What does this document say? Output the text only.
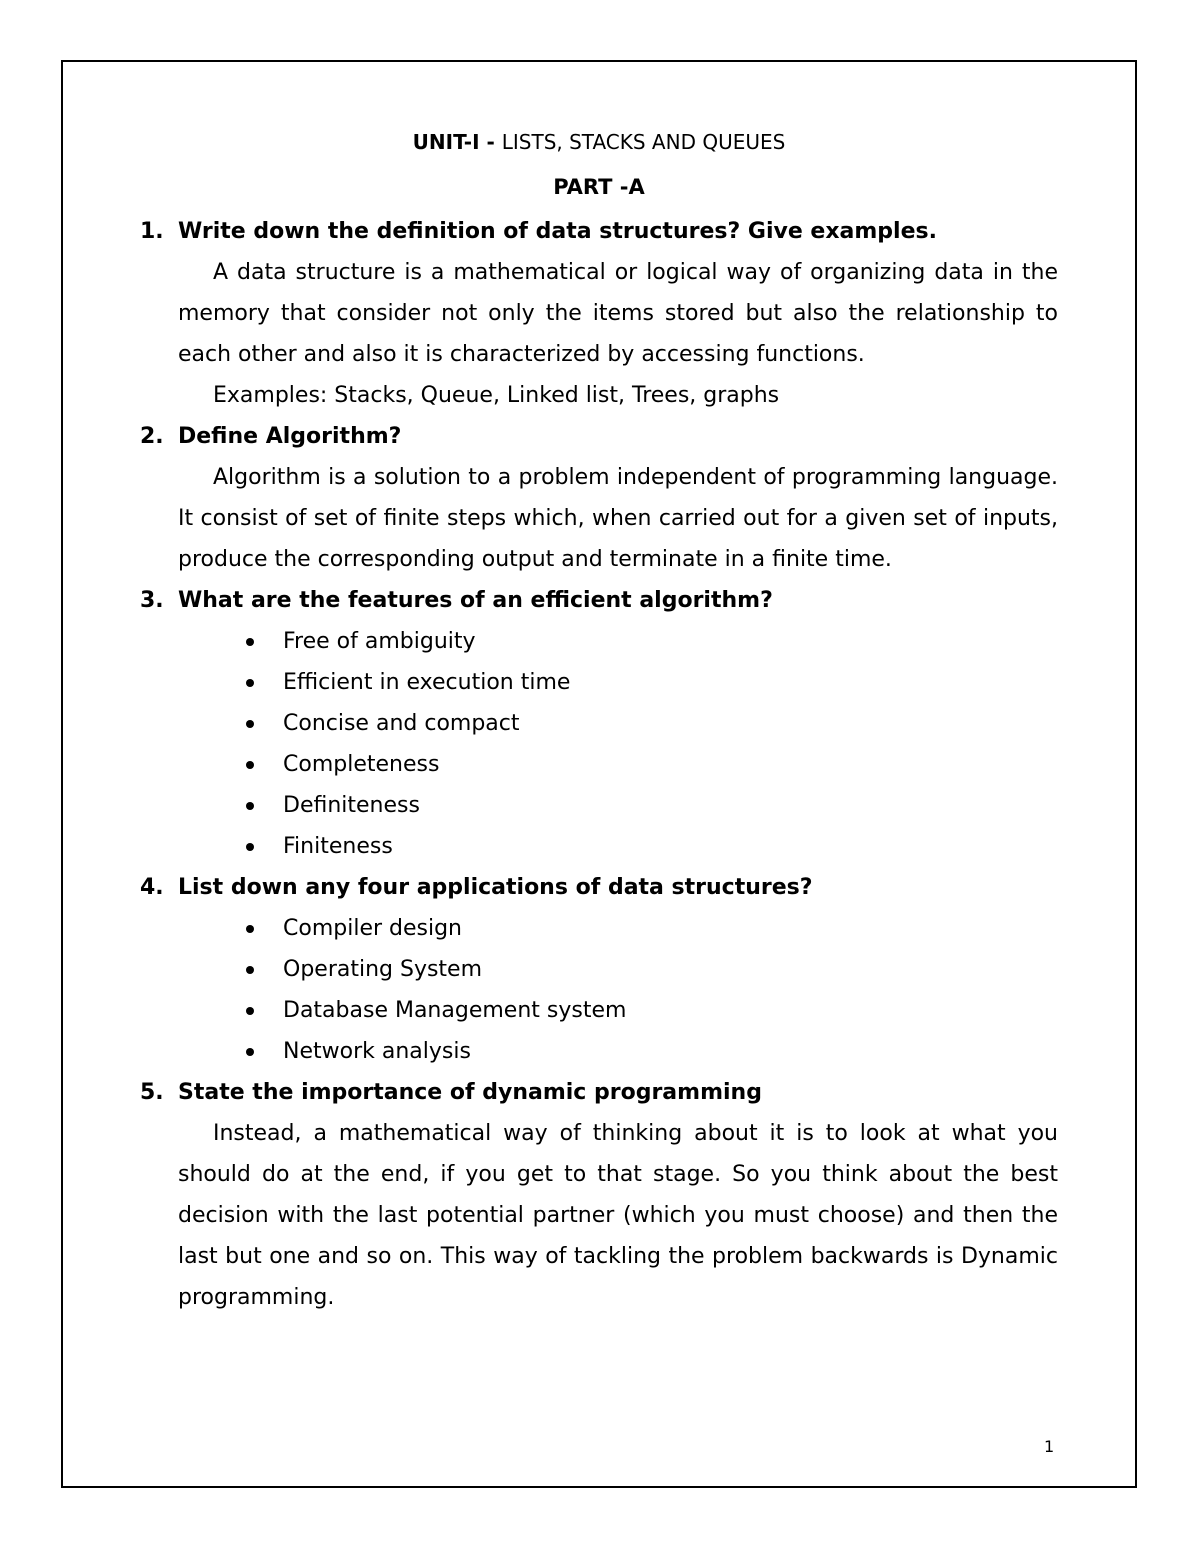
UNIT-I - LISTS, STACKS AND QUEUES
PART -A
1. Write down the definition of data structures? Give examples.
A data structure is a mathematical or logical way of organizing data in the memory that consider not only the items stored but also the relationship to each other and also it is characterized by accessing functions.
Examples: Stacks, Queue, Linked list, Trees, graphs
2. Define Algorithm?
Algorithm is a solution to a problem independent of programming language. It consist of set of finite steps which, when carried out for a given set of inputs, produce the corresponding output and terminate in a finite time.
3. What are the features of an efficient algorithm?
Free of ambiguity
Efficient in execution time
Concise and compact
Completeness
Definiteness
Finiteness
4. List down any four applications of data structures?
Compiler design
Operating System
Database Management system
Network analysis
5. State the importance of dynamic programming
Instead, a mathematical way of thinking about it is to look at what you should do at the end, if you get to that stage. So you think about the best decision with the last potential partner (which you must choose) and then the last but one and so on. This way of tackling the problem backwards is Dynamic programming.
1
